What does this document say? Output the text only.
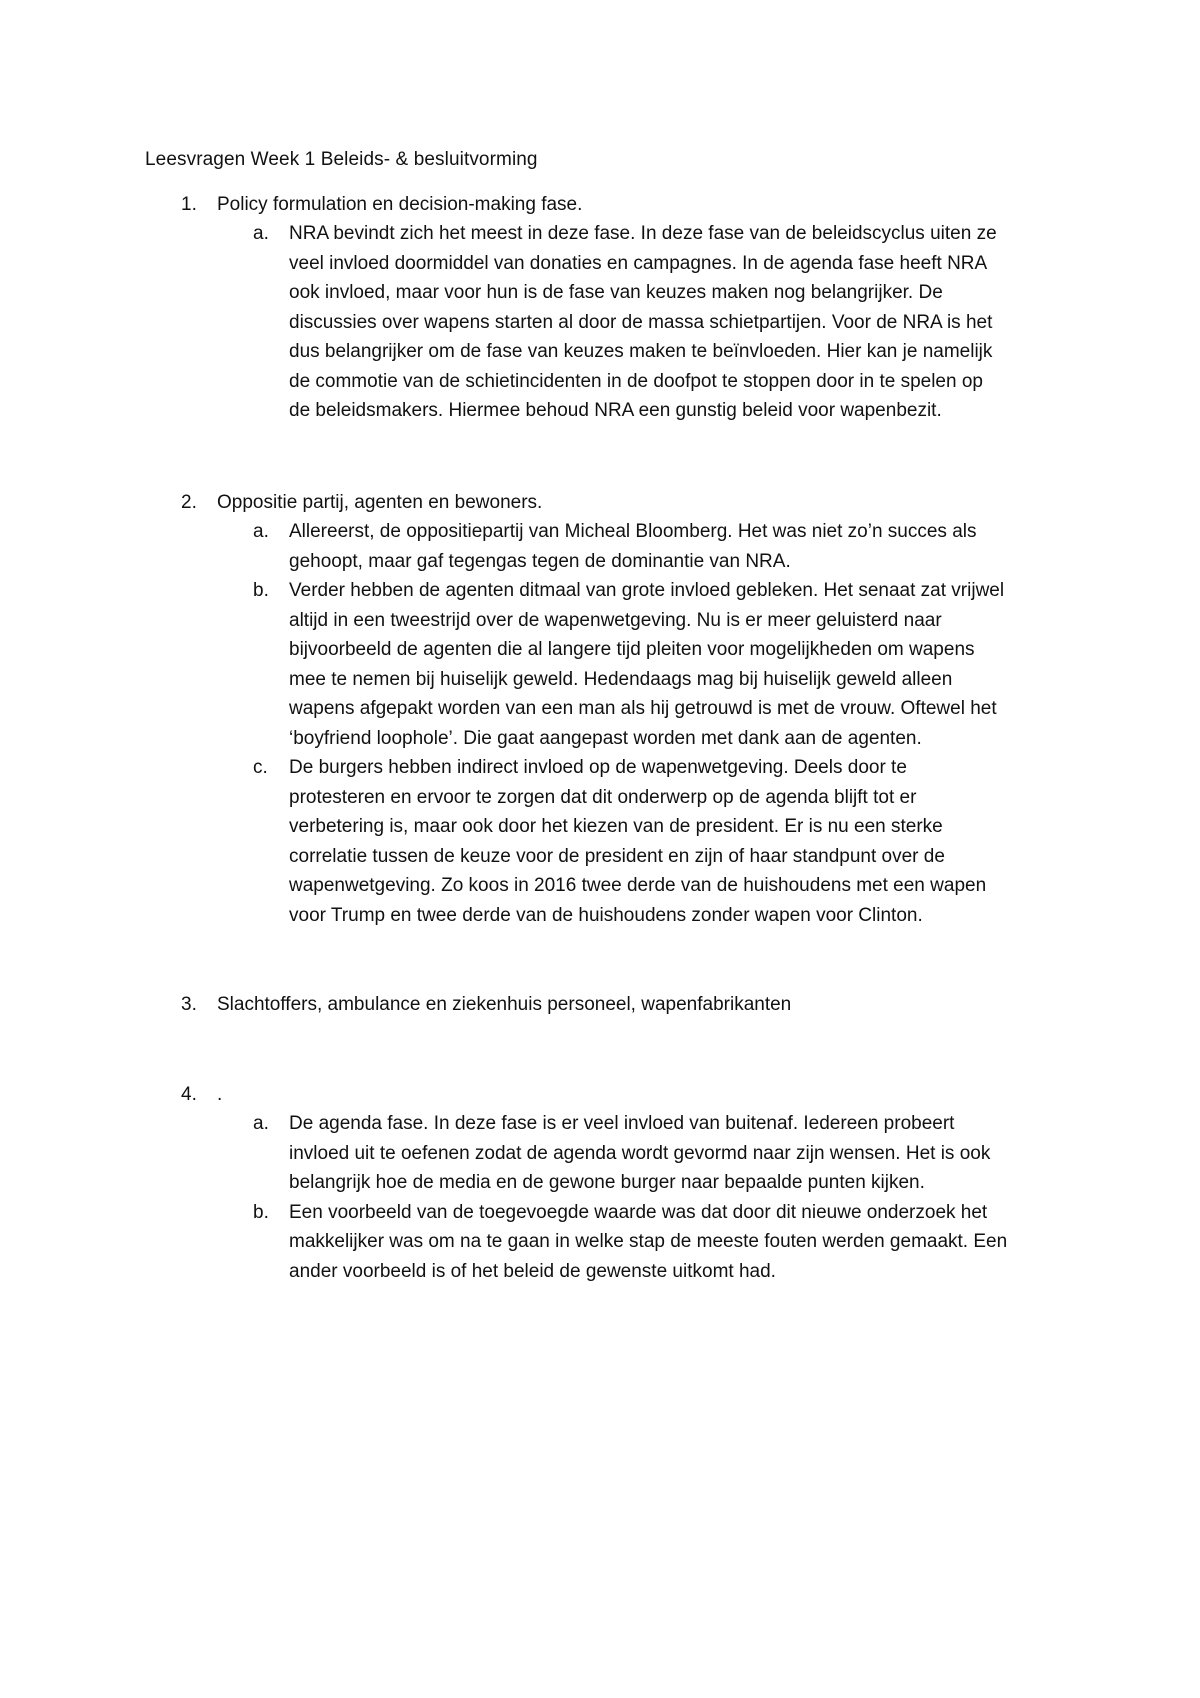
Leesvragen Week 1 Beleids- & besluitvorming
1. Policy formulation en decision-making fase.
a. NRA bevindt zich het meest in deze fase. In deze fase van de beleidscyclus uiten ze
veel invloed doormiddel van donaties en campagnes. In de agenda fase heeft NRA
ook invloed, maar voor hun is de fase van keuzes maken nog belangrijker. De
discussies over wapens starten al door de massa schietpartijen. Voor de NRA is het
dus belangrijker om de fase van keuzes maken te beïnvloeden. Hier kan je namelijk
de commotie van de schietincidenten in de doofpot te stoppen door in te spelen op
de beleidsmakers. Hiermee behoud NRA een gunstig beleid voor wapenbezit.
2. Oppositie partij, agenten en bewoners.
a. Allereerst, de oppositiepartij van Micheal Bloomberg. Het was niet zo’n succes als
gehoopt, maar gaf tegengas tegen de dominantie van NRA.
b. Verder hebben de agenten ditmaal van grote invloed gebleken. Het senaat zat vrijwel
altijd in een tweestrijd over de wapenwetgeving. Nu is er meer geluisterd naar
bijvoorbeeld de agenten die al langere tijd pleiten voor mogelijkheden om wapens
mee te nemen bij huiselijk geweld. Hedendaags mag bij huiselijk geweld alleen
wapens afgepakt worden van een man als hij getrouwd is met de vrouw. Oftewel het
‘boyfriend loophole’. Die gaat aangepast worden met dank aan de agenten.
c. De burgers hebben indirect invloed op de wapenwetgeving. Deels door te
protesteren en ervoor te zorgen dat dit onderwerp op de agenda blijft tot er
verbetering is, maar ook door het kiezen van de president. Er is nu een sterke
correlatie tussen de keuze voor de president en zijn of haar standpunt over de
wapenwetgeving. Zo koos in 2016 twee derde van de huishoudens met een wapen
voor Trump en twee derde van de huishoudens zonder wapen voor Clinton.
3. Slachtoffers, ambulance en ziekenhuis personeel, wapenfabrikanten
4. .
a. De agenda fase. In deze fase is er veel invloed van buitenaf. Iedereen probeert
invloed uit te oefenen zodat de agenda wordt gevormd naar zijn wensen. Het is ook
belangrijk hoe de media en de gewone burger naar bepaalde punten kijken.
b. Een voorbeeld van de toegevoegde waarde was dat door dit nieuwe onderzoek het
makkelijker was om na te gaan in welke stap de meeste fouten werden gemaakt. Een
ander voorbeeld is of het beleid de gewenste uitkomt had.
